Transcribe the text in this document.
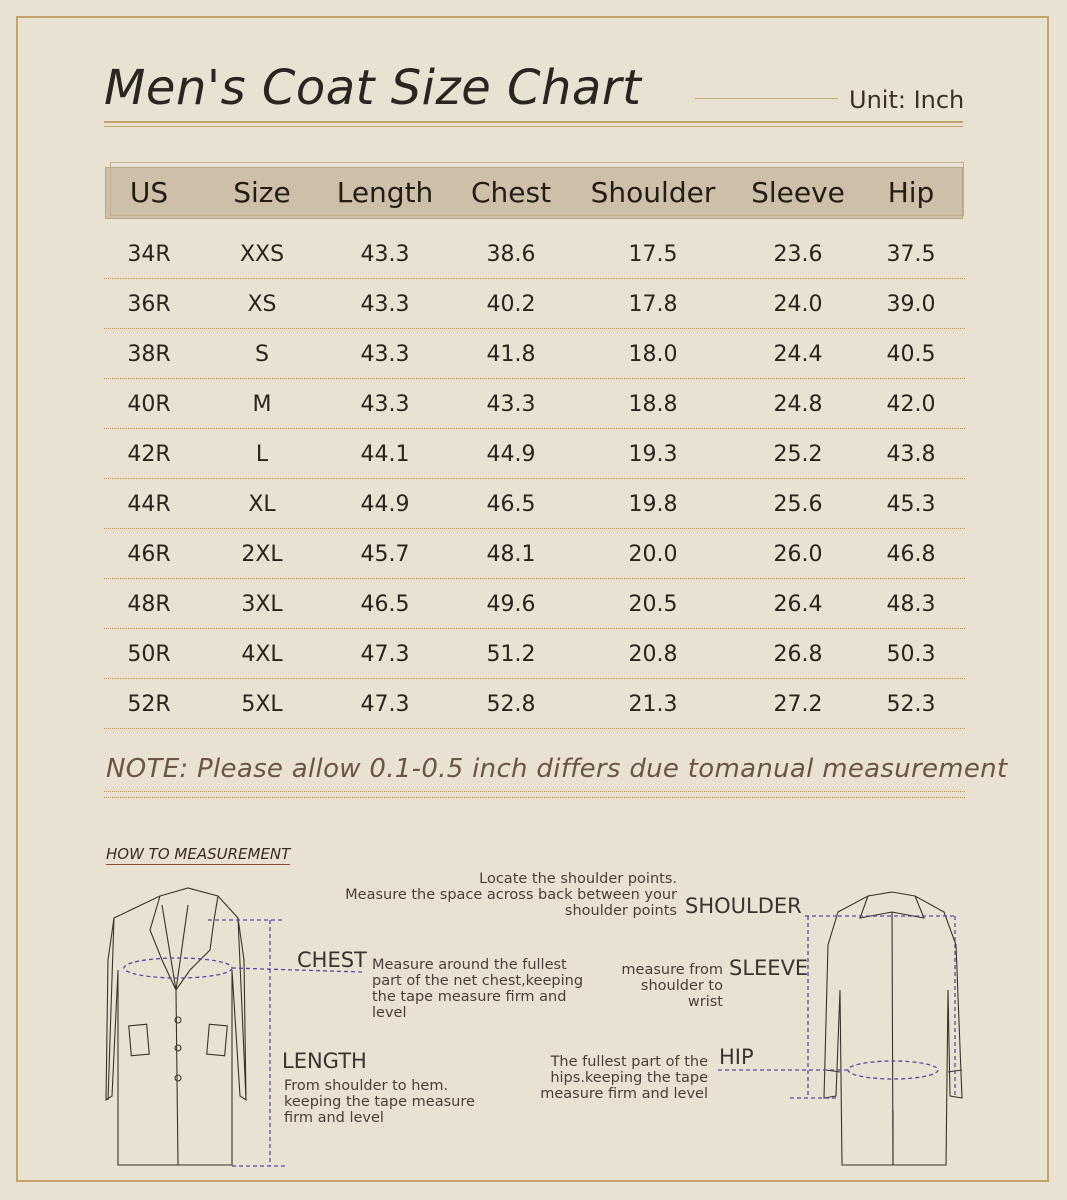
Men's Coat Size Chart	Unit: Inch
US Size Length Chest Shoulder Sleeve Hip
34R	XXS	43.3	38.6	17.5	23.6	37.5
36R	XS	43.3	40.2	17.8	24.0	39.0
38R	S	43.3	41.8	18.0	24.4	40.5
40R	M	43.3	43.3	18.8	24.8	42.0
42R	L	44.1	44.9	19.3	25.2	43.8
44R	XL	44.9	46.5	19.8	25.6	45.3
46R	2XL	45.7	48.1	20.0	26.0	46.8
48R	3XL	46.5	49.6	20.5	26.4	48.3
50R	4XL	47.3	51.2	20.8	26.8	50.3
52R	5XL	47.3	52.8	21.3	27.2	52.3
NOTE: Please allow 0.1-0.5 inch differs due tomanual measurement
HOW TO MEASUREMENT
CHEST Measure around the fullest
part of the net chest,keeping
the tape measure firm and
level
LENGTH
From shoulder to hem.
keeping the tape measure
firm and level
Locate the shoulder points.
Measure the space across back between your
shoulder points SHOULDER
measure from
shoulder to
wrist
SLEEVE
The fullest part of the
hips.keeping the tape
measure firm and level
HIP
